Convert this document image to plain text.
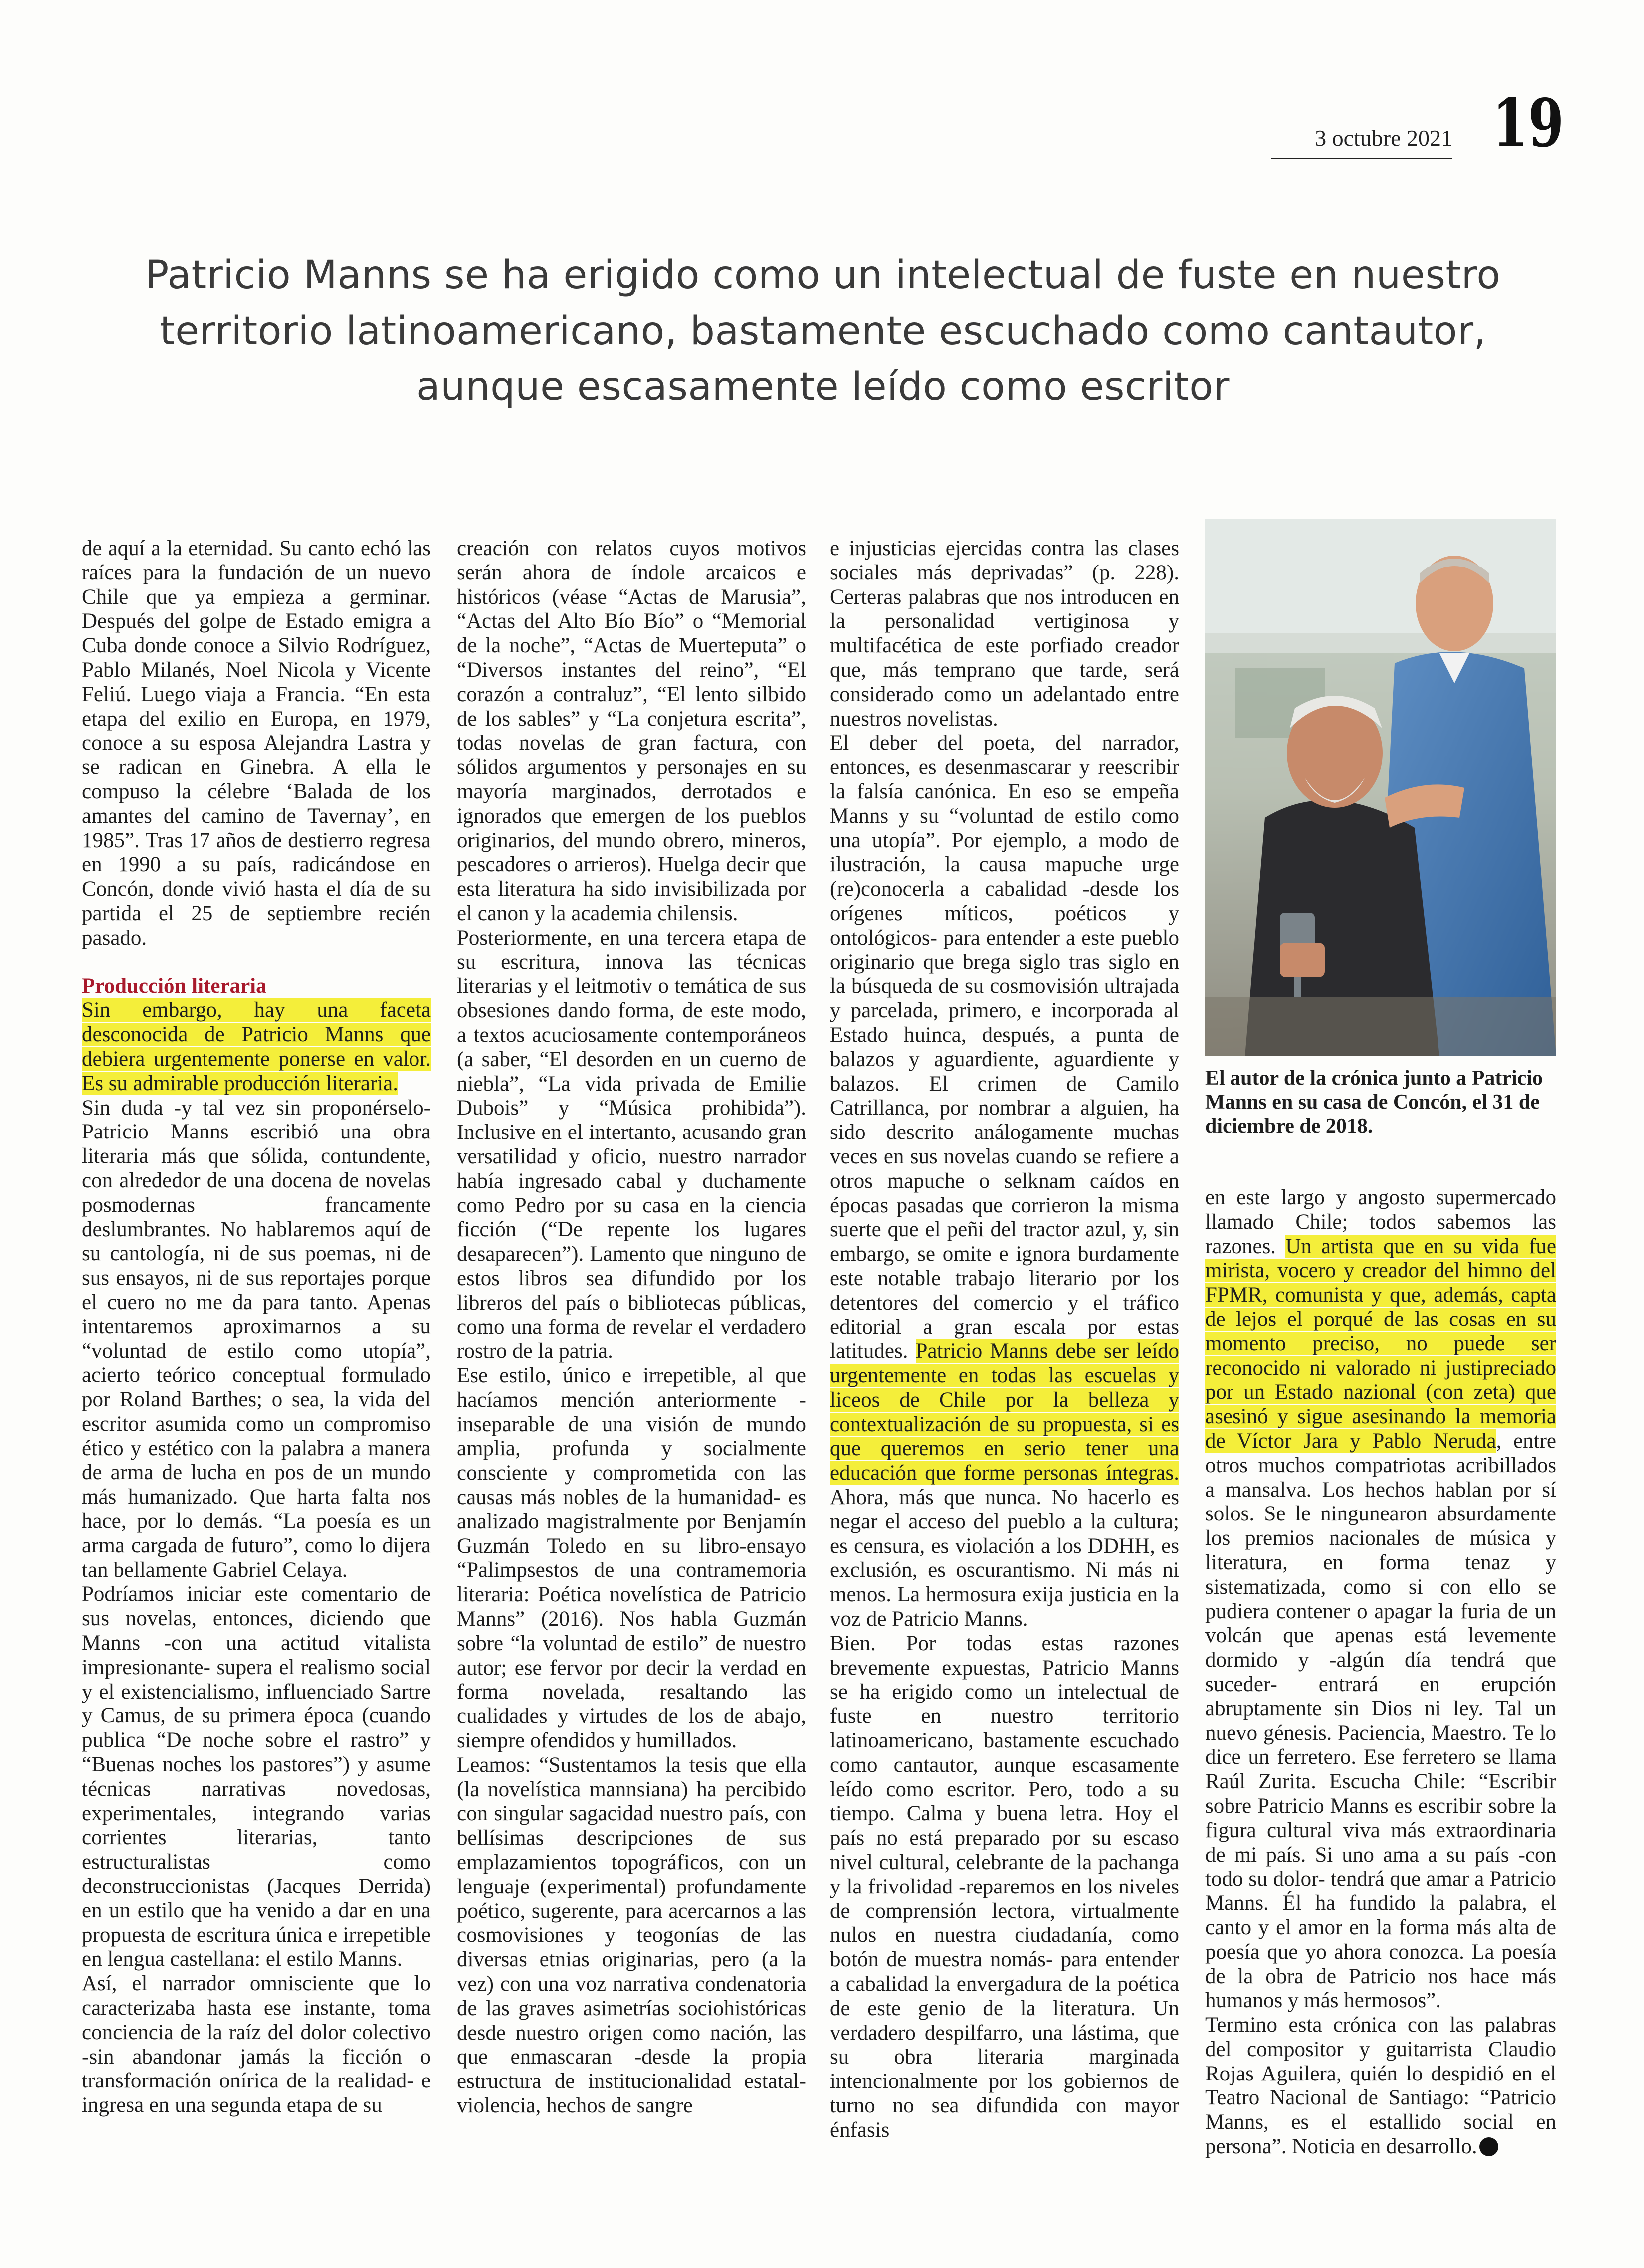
3 octubre 2021 19
Patricio Manns se ha erigido como un intelectual de fuste en nuestro territorio latinoamericano, bastamente escuchado como cantautor, aunque escasamente leído como escritor

de aquí a la eternidad. Su canto echó las raíces para la fundación de un nuevo Chile que ya empieza a germinar. Después del golpe de Estado emigra a Cuba donde conoce a Silvio Rodríguez, Pablo Milanés, Noel Nicola y Vicente Feliú. Luego viaja a Francia. “En esta etapa del exilio en Europa, en 1979, conoce a su esposa Alejandra Lastra y se radican en Ginebra. A ella le compuso la célebre ‘Balada de los amantes del camino de Tavernay’, en 1985”. Tras 17 años de destierro regresa en 1990 a su país, radicándose en Concón, donde vivió hasta el día de su partida el 25 de septiembre recién pasado.

Producción literaria

Sin embargo, hay una faceta desconocida de Patricio Manns que debiera urgentemente ponerse en valor. Es su admirable producción literaria.

Sin duda -y tal vez sin proponérselo- Patricio Manns escribió una obra literaria más que sólida, contundente, con alrededor de una docena de novelas posmodernas francamente deslumbrantes. No hablaremos aquí de su cantología, ni de sus poemas, ni de sus ensayos, ni de sus reportajes porque el cuero no me da para tanto. Apenas intentaremos aproximarnos a su “voluntad de estilo como utopía”, acierto teórico conceptual formulado por Roland Barthes; o sea, la vida del escritor asumida como un compromiso ético y estético con la palabra a manera de arma de lucha en pos de un mundo más humanizado. Que harta falta nos hace, por lo demás. “La poesía es un arma cargada de futuro”, como lo dijera tan bellamente Gabriel Celaya.

Podríamos iniciar este comentario de sus novelas, entonces, diciendo que Manns -con una actitud vitalista impresionante- supera el realismo social y el existencialismo, influenciado Sartre y Camus, de su primera época (cuando publica “De noche sobre el rastro” y “Buenas noches los pastores”) y asume técnicas narrativas novedosas, experimentales, integrando varias corrientes literarias, tanto estructuralistas como deconstruccionistas (Jacques Derrida) en un estilo que ha venido a dar en una propuesta de escritura única e irrepetible en lengua castellana: el estilo Manns.

Así, el narrador omnisciente que lo caracterizaba hasta ese instante, toma conciencia de la raíz del dolor colectivo -sin abandonar jamás la ficción o transformación onírica de la realidad- e ingresa en una segunda etapa de su

creación con relatos cuyos motivos serán ahora de índole arcaicos e históricos (véase “Actas de Marusia”, “Actas del Alto Bío Bío” o “Memorial de la noche”, “Actas de Muerteputa” o “Diversos instantes del reino”, “El corazón a contraluz”, “El lento silbido de los sables” y “La conjetura escrita”, todas novelas de gran factura, con sólidos argumentos y personajes en su mayoría marginados, derrotados e ignorados que emergen de los pueblos originarios, del mundo obrero, mineros, pescadores o arrieros). Huelga decir que esta literatura ha sido invisibilizada por el canon y la academia chilensis.

Posteriormente, en una tercera etapa de su escritura, innova las técnicas literarias y el leitmotiv o temática de sus obsesiones dando forma, de este modo, a textos acuciosamente contemporáneos (a saber, “El desorden en un cuerno de niebla”, “La vida privada de Emilie Dubois” y “Música prohibida”). Inclusive en el intertanto, acusando gran versatilidad y oficio, nuestro narrador había ingresado cabal y duchamente como Pedro por su casa en la ciencia ficción (“De repente los lugares desaparecen”). Lamento que ninguno de estos libros sea difundido por los libreros del país o bibliotecas públicas, como una forma de revelar el verdadero rostro de la patria.

Ese estilo, único e irrepetible, al que hacíamos mención anteriormente -inseparable de una visión de mundo amplia, profunda y socialmente consciente y comprometida con las causas más nobles de la humanidad- es analizado magistralmente por Benjamín Guzmán Toledo en su libro-ensayo “Palimpsestos de una contramemoria literaria: Poética novelística de Patricio Manns” (2016). Nos habla Guzmán sobre “la voluntad de estilo” de nuestro autor; ese fervor por decir la verdad en forma novelada, resaltando las cualidades y virtudes de los de abajo, siempre ofendidos y humillados.

Leamos: “Sustentamos la tesis que ella (la novelística mannsiana) ha percibido con singular sagacidad nuestro país, con bellísimas descripciones de sus emplazamientos topográficos, con un lenguaje (experimental) profundamente poético, sugerente, para acercarnos a las cosmovisiones y teogonías de las diversas etnias originarias, pero (a la vez) con una voz narrativa condenatoria de las graves asimetrías sociohistóricas desde nuestro origen como nación, las que enmascaran -desde la propia estructura de institucionalidad estatal- violencia, hechos de sangre

e injusticias ejercidas contra las clases sociales más deprivadas” (p. 228). Certeras palabras que nos introducen en la personalidad vertiginosa y multifacética de este porfiado creador que, más temprano que tarde, será considerado como un adelantado entre nuestros novelistas.

El deber del poeta, del narrador, entonces, es desenmascarar y reescribir la falsía canónica. En eso se empeña Manns y su “voluntad de estilo como una utopía”. Por ejemplo, a modo de ilustración, la causa mapuche urge (re)conocerla a cabalidad -desde los orígenes míticos, poéticos y ontológicos- para entender a este pueblo originario que brega siglo tras siglo en la búsqueda de su cosmovisión ultrajada y parcelada, primero, e incorporada al Estado huinca, después, a punta de balazos y aguardiente, aguardiente y balazos. El crimen de Camilo Catrillanca, por nombrar a alguien, ha sido descrito análogamente muchas veces en sus novelas cuando se refiere a otros mapuche o selknam caídos en épocas pasadas que corrieron la misma suerte que el peñi del tractor azul, y, sin embargo, se omite e ignora burdamente este notable trabajo literario por los detentores del comercio y el tráfico editorial a gran escala por estas latitudes. Patricio Manns debe ser leído urgentemente en todas las escuelas y liceos de Chile por la belleza y contextualización de su propuesta, si es que queremos en serio tener una educación que forme personas íntegras. Ahora, más que nunca. No hacerlo es negar el acceso del pueblo a la cultura; es censura, es violación a los DDHH, es exclusión, es oscurantismo. Ni más ni menos. La hermosura exija justicia en la voz de Patricio Manns.

Bien. Por todas estas razones brevemente expuestas, Patricio Manns se ha erigido como un intelectual de fuste en nuestro territorio latinoamericano, bastamente escuchado como cantautor, aunque escasamente leído como escritor. Pero, todo a su tiempo. Calma y buena letra. Hoy el país no está preparado por su escaso nivel cultural, celebrante de la pachanga y la frivolidad -reparemos en los niveles de comprensión lectora, virtualmente nulos en nuestra ciudadanía, como botón de muestra nomás- para entender a cabalidad la envergadura de la poética de este genio de la literatura. Un verdadero despilfarro, una lástima, que su obra literaria marginada intencionalmente por los gobiernos de turno no sea difundida con mayor énfasis

El autor de la crónica junto a Patricio Manns en su casa de Concón, el 31 de diciembre de 2018.

en este largo y angosto supermercado llamado Chile; todos sabemos las razones. Un artista que en su vida fue mirista, vocero y creador del himno del FPMR, comunista y que, además, capta de lejos el porqué de las cosas en su momento preciso, no puede ser reconocido ni valorado ni justipreciado por un Estado nazional (con zeta) que asesinó y sigue asesinando la memoria de Víctor Jara y Pablo Neruda, entre otros muchos compatriotas acribillados a mansalva. Los hechos hablan por sí solos. Se le ningunearon absurdamente los premios nacionales de música y literatura, en forma tenaz y sistematizada, como si con ello se pudiera contener o apagar la furia de un volcán que apenas está levemente dormido y -algún día tendrá que suceder- entrará en erupción abruptamente sin Dios ni ley. Tal un nuevo génesis. Paciencia, Maestro. Te lo dice un ferretero. Ese ferretero se llama Raúl Zurita. Escucha Chile: “Escribir sobre Patricio Manns es escribir sobre la figura cultural viva más extraordinaria de mi país. Si uno ama a su país -con todo su dolor- tendrá que amar a Patricio Manns. Él ha fundido la palabra, el canto y el amor en la forma más alta de poesía que yo ahora conozca. La poesía de la obra de Patricio nos hace más humanos y más hermosos”.

Termino esta crónica con las palabras del compositor y guitarrista Claudio Rojas Aguilera, quién lo despidió en el Teatro Nacional de Santiago: “Patricio Manns, es el estallido social en persona”. Noticia en desarrollo.
